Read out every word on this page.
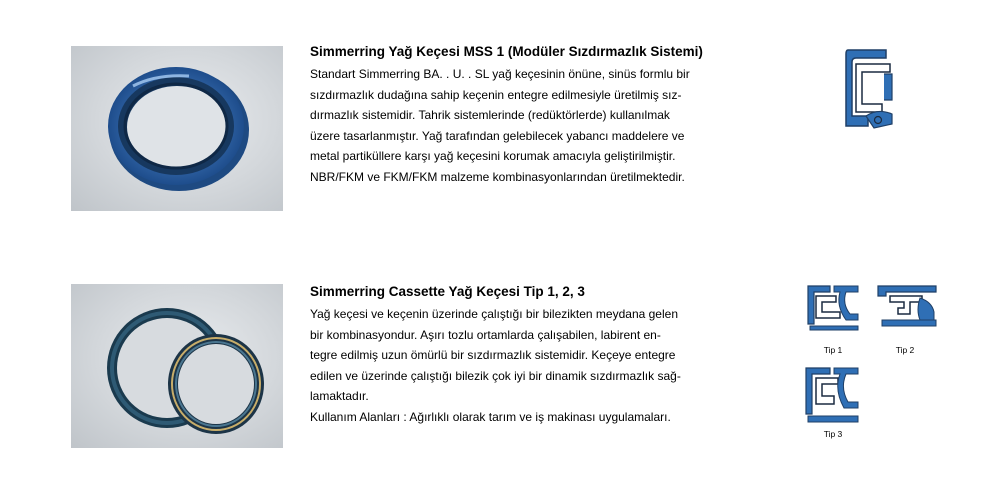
Simmerring Yağ Keçesi MSS 1 (Modüler Sızdırmazlık Sistemi)
Standart Simmerring BA. . U. . SL yağ keçesinin önüne, sinüs formlu bir
sızdırmazlık dudağına sahip keçenin entegre edilmesiyle üretilmiş sız-
dırmazlık sistemidir. Tahrik sistemlerinde (redüktörlerde) kullanılmak
üzere tasarlanmıştır. Yağ tarafından gelebilecek yabancı maddelere ve
metal partiküllere karşı yağ keçesini korumak amacıyla geliştirilmiştir.
NBR/FKM ve FKM/FKM malzeme kombinasyonlarından üretilmektedir.
Simmerring Cassette Yağ Keçesi Tip 1, 2, 3
Yağ keçesi ve keçenin üzerinde çalıştığı bir bilezikten meydana gelen
bir kombinasyondur. Aşırı tozlu ortamlarda çalışabilen, labirent en-
tegre edilmiş uzun ömürlü bir sızdırmazlık sistemidir. Keçeye entegre
edilen ve üzerinde çalıştığı bilezik çok iyi bir dinamik sızdırmazlık sağ-
lamaktadır.
Kullanım Alanları : Ağırlıklı olarak tarım ve iş makinası uygulamaları.
Tip 1	Tip 2
Tip 3
